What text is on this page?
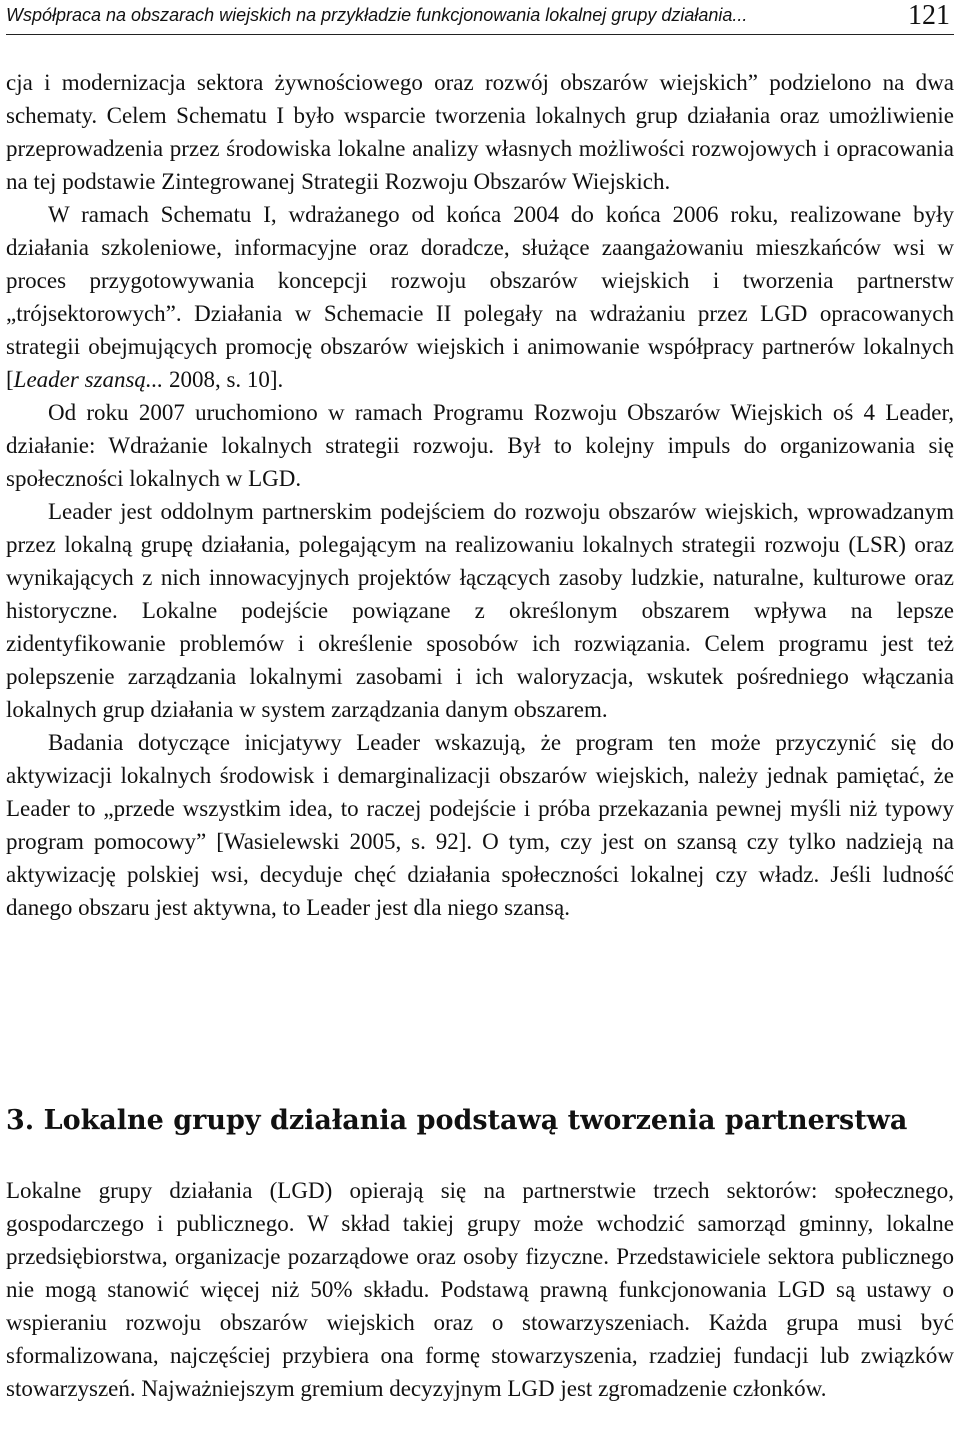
Współpraca na obszarach wiejskich na przykładzie funkcjonowania lokalnej grupy działania...	121

cja i modernizacja sektora żywnościowego oraz rozwój obszarów wiejskich” podzielono na dwa schematy. Celem Schematu I było wsparcie tworzenia lokalnych grup działania oraz umożliwienie przeprowadzenia przez środowiska lokalne analizy własnych możliwości rozwojowych i opracowania na tej podstawie Zintegrowanej Strategii Rozwoju Obszarów Wiejskich.

W ramach Schematu I, wdrażanego od końca 2004 do końca 2006 roku, realizowane były działania szkoleniowe, informacyjne oraz doradcze, służące zaangażowaniu mieszkańców wsi w proces przygotowywania koncepcji rozwoju obszarów wiejskich i tworzenia partnerstw „trójsektorowych”. Działania w Schemacie II polegały na wdrażaniu przez LGD opracowanych strategii obejmujących promocję obszarów wiejskich i animowanie współpracy partnerów lokalnych [Leader szansą... 2008, s. 10].

Od roku 2007 uruchomiono w ramach Programu Rozwoju Obszarów Wiejskich oś 4 Leader, działanie: Wdrażanie lokalnych strategii rozwoju. Był to kolejny impuls do organizowania się społeczności lokalnych w LGD.

Leader jest oddolnym partnerskim podejściem do rozwoju obszarów wiejskich, wprowadzanym przez lokalną grupę działania, polegającym na realizowaniu lokalnych strategii rozwoju (LSR) oraz wynikających z nich innowacyjnych projektów łączących zasoby ludzkie, naturalne, kulturowe oraz historyczne. Lokalne podejście powiązane z określonym obszarem wpływa na lepsze zidentyfikowanie problemów i określenie sposobów ich rozwiązania. Celem programu jest też polepszenie zarządzania lokalnymi zasobami i ich waloryzacja, wskutek pośredniego włączania lokalnych grup działania w system zarządzania danym obszarem.

Badania dotyczące inicjatywy Leader wskazują, że program ten może przyczynić się do aktywizacji lokalnych środowisk i demarginalizacji obszarów wiejskich, należy jednak pamiętać, że Leader to „przede wszystkim idea, to raczej podejście i próba przekazania pewnej myśli niż typowy program pomocowy” [Wasielewski 2005, s. 92]. O tym, czy jest on szansą czy tylko nadzieją na aktywizację polskiej wsi, decyduje chęć działania społeczności lokalnej czy władz. Jeśli ludność danego obszaru jest aktywna, to Leader jest dla niego szansą.

3. Lokalne grupy działania podstawą tworzenia partnerstwa

Lokalne grupy działania (LGD) opierają się na partnerstwie trzech sektorów: społecznego, gospodarczego i publicznego. W skład takiej grupy może wchodzić samorząd gminny, lokalne przedsiębiorstwa, organizacje pozarządowe oraz osoby fizyczne. Przedstawiciele sektora publicznego nie mogą stanowić więcej niż 50% składu. Podstawą prawną funkcjonowania LGD są ustawy o wspieraniu rozwoju obszarów wiejskich oraz o stowarzyszeniach. Każda grupa musi być sformalizowana, najczęściej przybiera ona formę stowarzyszenia, rzadziej fundacji lub związków stowarzyszeń. Najważniejszym gremium decyzyjnym LGD jest zgromadzenie członków.
